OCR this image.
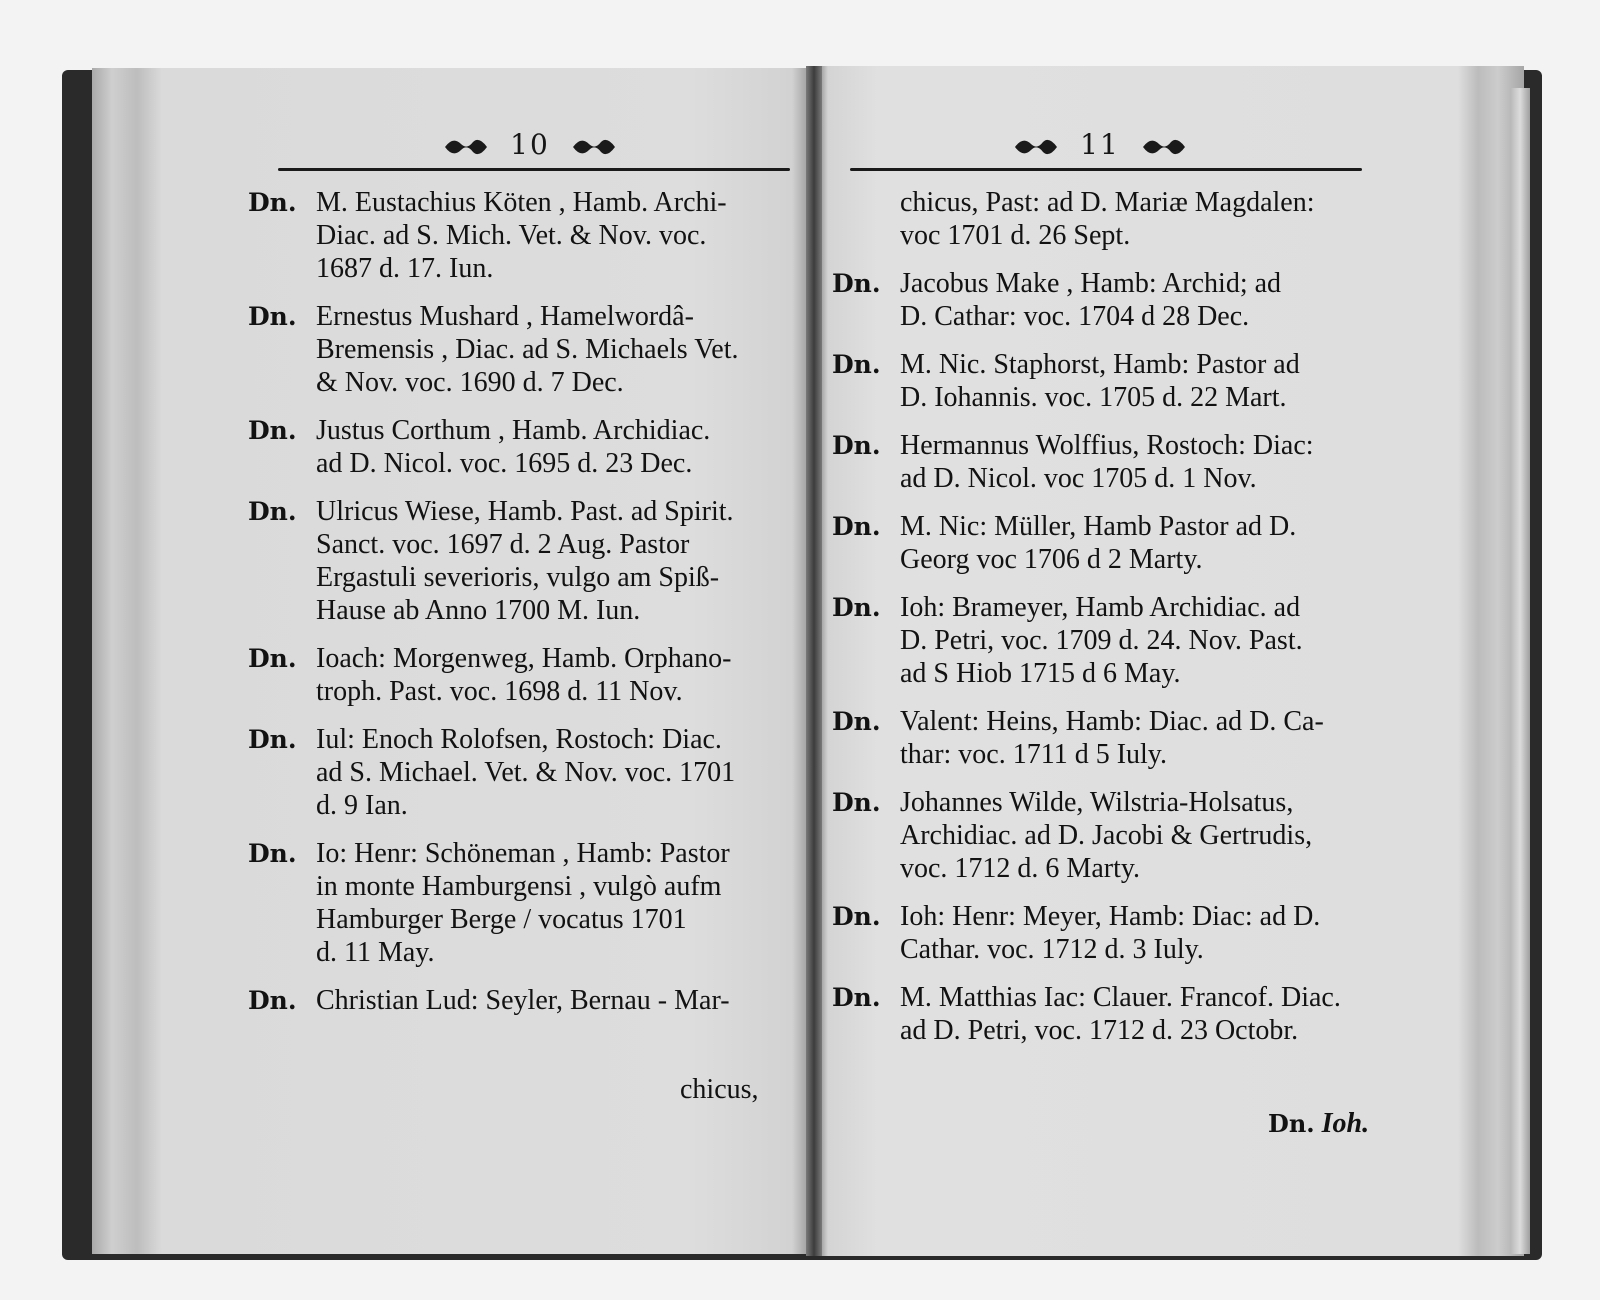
10	11
Dn. M. Eustachius Köten , Hamb. Archi-
Diac. ad S. Mich. Vet. & Nov. voc.
1687 d. 17. Iun.
Dn. Ernestus Mushard , Hamelwordâ-
Bremensis , Diac. ad S. Michaels Vet.
& Nov. voc. 1690 d. 7 Dec.
Dn. Justus Corthum , Hamb. Archidiac.
ad D. Nicol. voc. 1695 d. 23 Dec.
Dn. Ulricus Wiese, Hamb. Past. ad Spirit.
Sanct. voc. 1697 d. 2 Aug. Pastor
Ergastuli severioris, vulgo am Spiß-
Hause ab Anno 1700 M. Iun.
Dn. Ioach: Morgenweg, Hamb. Orphano-
troph. Past. voc. 1698 d. 11 Nov.
Dn. Iul: Enoch Rolofsen, Rostoch: Diac.
ad S. Michael. Vet. & Nov. voc. 1701
d. 9 Ian.
Dn. Io: Henr: Schöneman , Hamb: Pastor
in monte Hamburgensi , vulgò aufm
Hamburger Berge / vocatus 1701
d. 11 May.
Dn. Christian Lud: Seyler, Bernau - Mar-
chicus,
chicus, Past: ad D. Mariæ Magdalen:
voc 1701 d. 26 Sept.
Dn. Jacobus Make , Hamb: Archid; ad
D. Cathar: voc. 1704 d 28 Dec.
Dn. M. Nic. Staphorst, Hamb: Pastor ad
D. Iohannis. voc. 1705 d. 22 Mart.
Dn. Hermannus Wolffius, Rostoch: Diac:
ad D. Nicol. voc 1705 d. 1 Nov.
Dn. M. Nic: Müller, Hamb Pastor ad D.
Georg voc 1706 d 2 Marty.
Dn. Ioh: Brameyer, Hamb Archidiac. ad
D. Petri, voc. 1709 d. 24. Nov. Past.
ad S Hiob 1715 d 6 May.
Dn. Valent: Heins, Hamb: Diac. ad D. Ca-
thar: voc. 1711 d 5 Iuly.
Dn. Johannes Wilde, Wilstria-Holsatus,
Archidiac. ad D. Jacobi & Gertrudis,
voc. 1712 d. 6 Marty.
Dn. Ioh: Henr: Meyer, Hamb: Diac: ad D.
Cathar. voc. 1712 d. 3 Iuly.
Dn. M. Matthias Iac: Clauer. Francof. Diac.
ad D. Petri, voc. 1712 d. 23 Octobr.
Dn. Ioh.
